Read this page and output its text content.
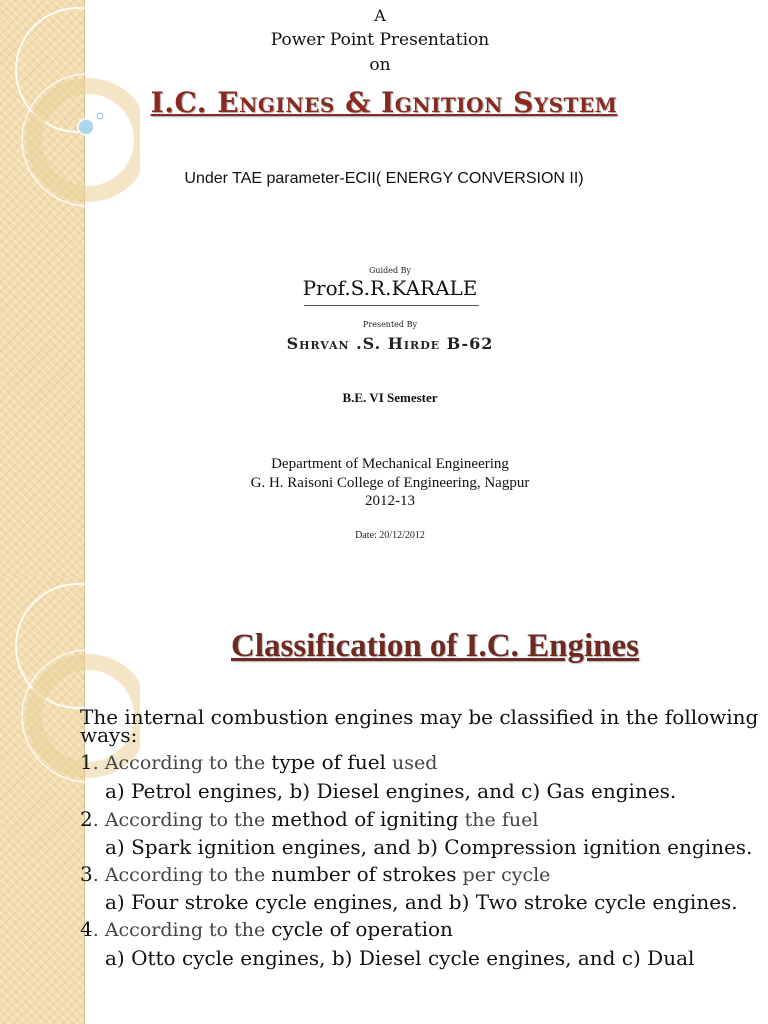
A
Power Point Presentation
on
I.C. Engines & Ignition System
Under TAE parameter-ECII( ENERGY CONVERSION II)
Guided By
Prof.S.R.KARALE
Presented By
Shrvan .S. Hirde B-62
B.E. VI Semester
Department of Mechanical Engineering
G. H. Raisoni College of Engineering, Nagpur
2012-13
Date: 20/12/2012
Classification of I.C. Engines
The internal combustion engines may be classified in the following ways:
1. According to the type of fuel used
a) Petrol engines, b) Diesel engines, and c) Gas engines.
2. According to the method of igniting the fuel
a) Spark ignition engines, and b) Compression ignition engines.
3. According to the number of strokes per cycle
a) Four stroke cycle engines, and b) Two stroke cycle engines.
4. According to the cycle of operation
a) Otto cycle engines, b) Diesel cycle engines, and c) Dual
